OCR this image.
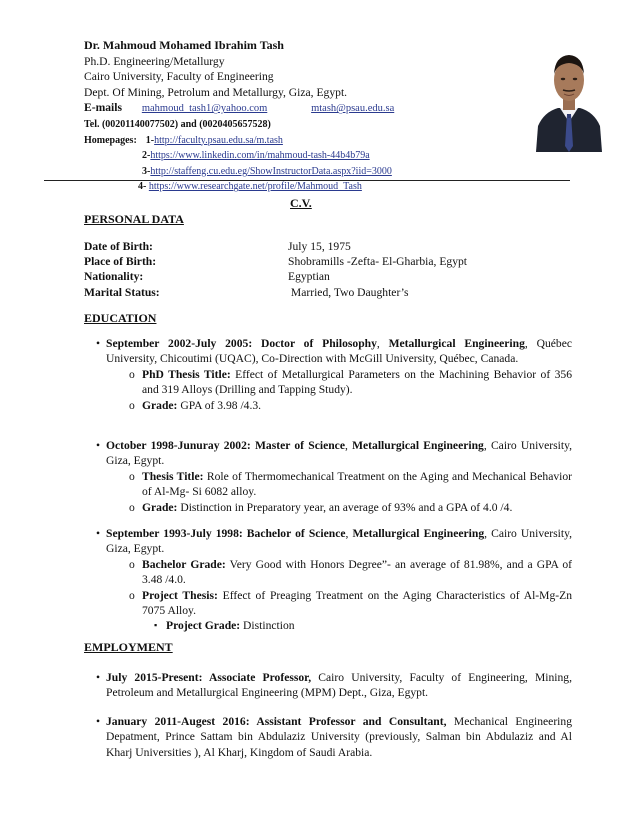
Dr. Mahmoud Mohamed Ibrahim Tash
Ph.D. Engineering/Metallurgy
Cairo University, Faculty of Engineering
Dept. Of Mining, Petrolum and Metallurgy, Giza, Egypt.
E-mails mahmoud_tash1@yahoo.com	mtash@psau.edu.sa
Tel. (00201140077502) and (0020405657528)
Homepages: 1-http://faculty.psau.edu.sa/m.tash
2-https://www.linkedin.com/in/mahmoud-tash-44b4b79a
3-http://staffeng.cu.edu.eg/ShowInstructorData.aspx?iid=3000
4- https://www.researchgate.net/profile/Mahmoud_Tash
C.V.
PERSONAL DATA
Date of Birth:	July 15, 1975
Place of Birth:	Shobramills -Zefta- El-Gharbia, Egypt
Nationality:	Egyptian
Marital Status:	Married, Two Daughter’s
EDUCATION
• September 2002-July 2005: Doctor of Philosophy, Metallurgical Engineering, Québec University, Chicoutimi (UQAC), Co-Direction with McGill University, Québec, Canada.
o PhD Thesis Title: Effect of Metallurgical Parameters on the Machining Behavior of 356 and 319 Alloys (Drilling and Tapping Study).
o Grade: GPA of 3.98 /4.3.
• October 1998-Junuray 2002: Master of Science, Metallurgical Engineering, Cairo University, Giza, Egypt.
o Thesis Title: Role of Thermomechanical Treatment on the Aging and Mechanical Behavior of Al-Mg- Si 6082 alloy.
o Grade: Distinction in Preparatory year, an average of 93% and a GPA of 4.0 /4.
• September 1993-July 1998: Bachelor of Science, Metallurgical Engineering, Cairo University, Giza, Egypt.
o Bachelor Grade: Very Good with Honors Degree”- an average of 81.98%, and a GPA of 3.48 /4.0.
o Project Thesis: Effect of Preaging Treatment on the Aging Characteristics of Al-Mg-Zn 7075 Alloy.
▪ Project Grade: Distinction
EMPLOYMENT
• July 2015-Present: Associate Professor, Cairo University, Faculty of Engineering, Mining, Petroleum and Metallurgical Engineering (MPM) Dept., Giza, Egypt.
• January 2011-Augest 2016: Assistant Professor and Consultant, Mechanical Engineering Depatment, Prince Sattam bin Abdulaziz University (previously, Salman bin Abdulaziz and Al Kharj Universities ), Al Kharj, Kingdom of Saudi Arabia.
